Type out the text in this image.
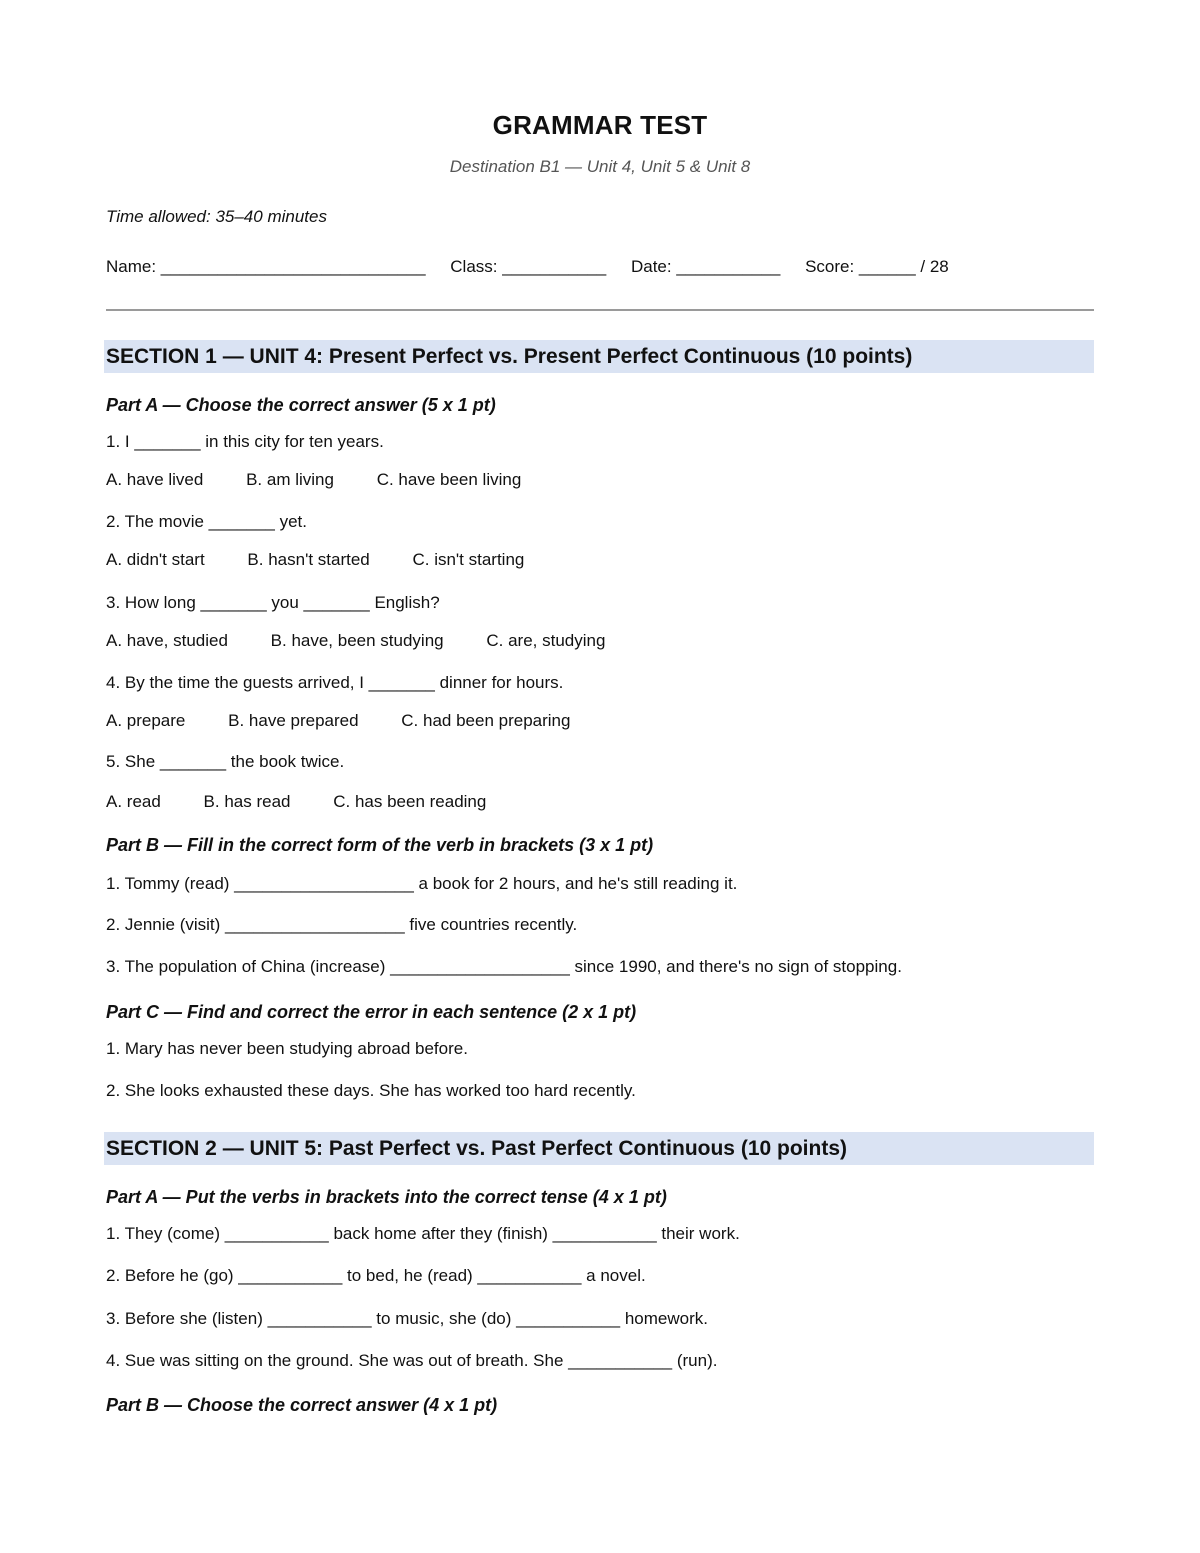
GRAMMAR TEST
Destination B1 — Unit 4, Unit 5 & Unit 8
Time allowed: 35–40 minutes
Name: ____________________________ Class: ___________ Date: ___________ Score: ______ / 28
SECTION 1 — UNIT 4: Present Perfect vs. Present Perfect Continuous (10 points)
Part A — Choose the correct answer (5 x 1 pt)
1. I _______ in this city for ten years.
A. have lived	B. am living	C. have been living
2. The movie _______ yet.
A. didn't start	B. hasn't started	C. isn't starting
3. How long _______ you _______ English?
A. have, studied	B. have, been studying	C. are, studying
4. By the time the guests arrived, I _______ dinner for hours.
A. prepare	B. have prepared	C. had been preparing
5. She _______ the book twice.
A. read	B. has read	C. has been reading
Part B — Fill in the correct form of the verb in brackets (3 x 1 pt)
1. Tommy (read) ___________________ a book for 2 hours, and he's still reading it.
2. Jennie (visit) ___________________ five countries recently.
3. The population of China (increase) ___________________ since 1990, and there's no sign of stopping.
Part C — Find and correct the error in each sentence (2 x 1 pt)
1. Mary has never been studying abroad before.
2. She looks exhausted these days. She has worked too hard recently.
SECTION 2 — UNIT 5: Past Perfect vs. Past Perfect Continuous (10 points)
Part A — Put the verbs in brackets into the correct tense (4 x 1 pt)
1. They (come) ___________ back home after they (finish) ___________ their work.
2. Before he (go) ___________ to bed, he (read) ___________ a novel.
3. Before she (listen) ___________ to music, she (do) ___________ homework.
4. Sue was sitting on the ground. She was out of breath. She ___________ (run).
Part B — Choose the correct answer (4 x 1 pt)
